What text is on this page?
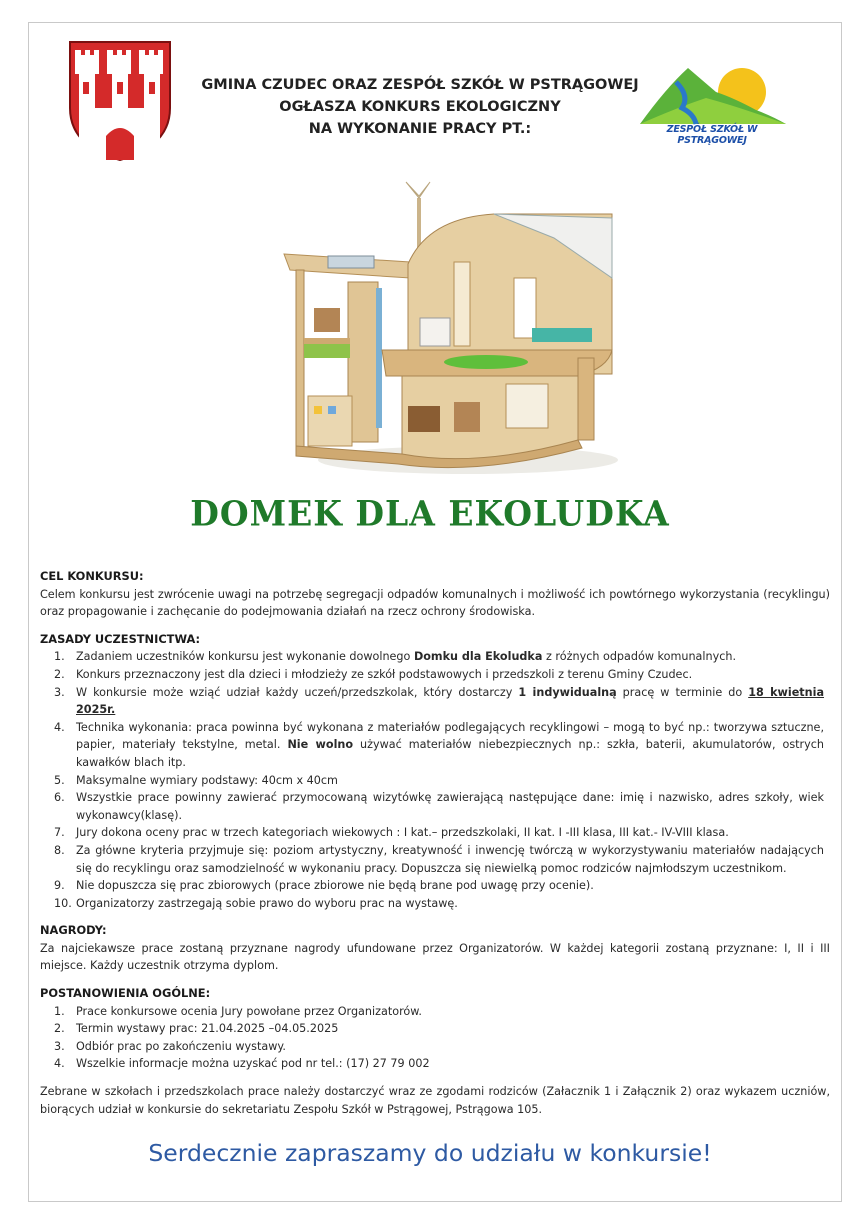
GMINA CZUDEC ORAZ ZESPÓŁ SZKÓŁ W PSTRĄGOWEJ
OGŁASZA KONKURS EKOLOGICZNY
NA WYKONANIE PRACY PT.:	ZESPÓŁ SZKÓŁ W PSTRĄGOWEJ
DOMEK DLA EKOLUDKA
CEL KONKURSU:
Celem konkursu jest zwrócenie uwagi na potrzebę segregacji odpadów komunalnych i możliwość ich powtórnego wykorzystania (recyklingu) oraz propagowanie i zachęcanie do podejmowania działań na rzecz ochrony środowiska.
ZASADY UCZESTNICTWA:
1.	Zadaniem uczestników konkursu jest wykonanie dowolnego Domku dla Ekoludka z różnych odpadów komunalnych.
2.	Konkurs przeznaczony jest dla dzieci i młodzieży ze szkół podstawowych i przedszkoli z terenu Gminy Czudec.
3.	W konkursie może wziąć udział każdy uczeń/przedszkolak, który dostarczy 1 indywidualną pracę w terminie do 18 kwietnia 2025r.
4.	Technika wykonania: praca powinna być wykonana z materiałów podlegających recyklingowi – mogą to być np.: tworzywa sztuczne, papier, materiały tekstylne, metal. Nie wolno używać materiałów niebezpiecznych np.: szkła, baterii, akumulatorów, ostrych kawałków blach itp.
5.	Maksymalne wymiary podstawy: 40cm x 40cm
6.	Wszystkie prace powinny zawierać przymocowaną wizytówkę zawierającą następujące dane: imię i nazwisko, adres szkoły, wiek wykonawcy(klasę).
7.	Jury dokona oceny prac w trzech kategoriach wiekowych : I kat.– przedszkolaki, II kat. I -III klasa, III kat.- IV-VIII klasa.
8.	Za główne kryteria przyjmuje się: poziom artystyczny, kreatywność i inwencję twórczą w wykorzystywaniu materiałów nadających się do recyklingu oraz samodzielność w wykonaniu pracy. Dopuszcza się niewielką pomoc rodziców najmłodszym uczestnikom.
9.	Nie dopuszcza się prac zbiorowych (prace zbiorowe nie będą brane pod uwagę przy ocenie).
10. Organizatorzy zastrzegają sobie prawo do wyboru prac na wystawę.
NAGRODY:
Za najciekawsze prace zostaną przyznane nagrody ufundowane przez Organizatorów. W każdej kategorii zostaną przyznane: I, II i III miejsce. Każdy uczestnik otrzyma dyplom.
POSTANOWIENIA OGÓLNE:
1.	Prace konkursowe ocenia Jury powołane przez Organizatorów.
2.	Termin wystawy prac: 21.04.2025 –04.05.2025
3.	Odbiór prac po zakończeniu wystawy.
4.	Wszelkie informacje można uzyskać pod nr tel.: (17) 27 79 002
Zebrane w szkołach i przedszkolach prace należy dostarczyć wraz ze zgodami rodziców (Załacznik 1 i Załącznik 2) oraz wykazem uczniów, biorących udział w konkursie do sekretariatu Zespołu Szkół w Pstrągowej, Pstrągowa 105.
Serdecznie zapraszamy do udziału w konkursie!
